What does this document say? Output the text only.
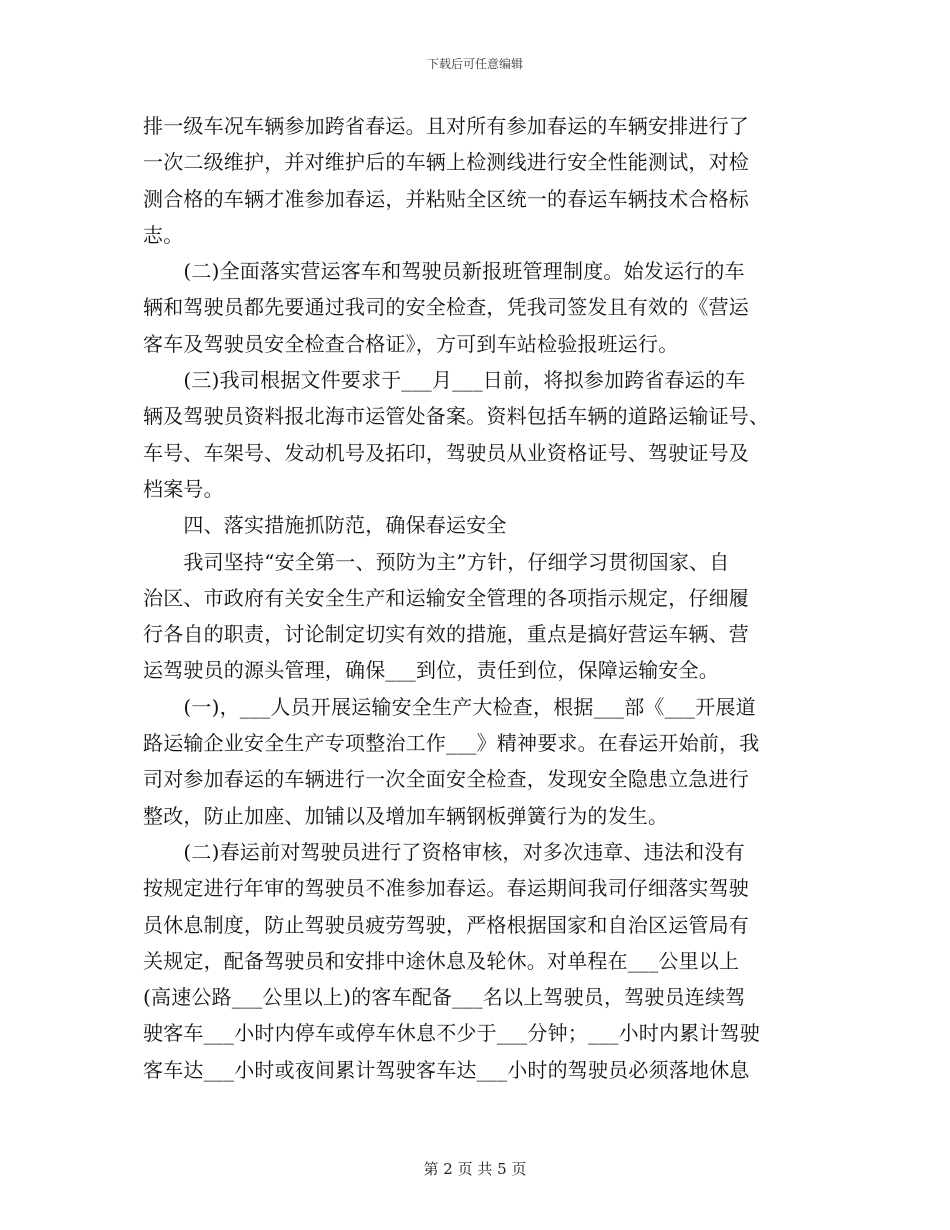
下载后可任意编辑
排一级车况车辆参加跨省春运。且对所有参加春运的车辆安排进行了
一次二级维护，并对维护后的车辆上检测线进行安全性能测试，对检
测合格的车辆才准参加春运，并粘贴全区统一的春运车辆技术合格标
志。
　　(二)全面落实营运客车和驾驶员新报班管理制度。始发运行的车
辆和驾驶员都先要通过我司的安全检查，凭我司签发且有效的《营运
客车及驾驶员安全检查合格证》，方可到车站检验报班运行。
　　(三)我司根据文件要求于___月___日前，将拟参加跨省春运的车
辆及驾驶员资料报北海市运管处备案。资料包括车辆的道路运输证号、
车号、车架号、发动机号及拓印，驾驶员从业资格证号、驾驶证号及
档案号。
　　四、落实措施抓防范，确保春运安全
　　我司坚持“安全第一、预防为主”方针，仔细学习贯彻国家、自
治区、市政府有关安全生产和运输安全管理的各项指示规定，仔细履
行各自的职责，讨论制定切实有效的措施，重点是搞好营运车辆、营
运驾驶员的源头管理，确保___到位，责任到位，保障运输安全。
　　(一)，___人员开展运输安全生产大检查，根据___部《___开展道
路运输企业安全生产专项整治工作___》精神要求。在春运开始前，我
司对参加春运的车辆进行一次全面安全检查，发现安全隐患立急进行
整改，防止加座、加铺以及增加车辆钢板弹簧行为的发生。
　　(二)春运前对驾驶员进行了资格审核，对多次违章、违法和没有
按规定进行年审的驾驶员不准参加春运。春运期间我司仔细落实驾驶
员休息制度，防止驾驶员疲劳驾驶，严格根据国家和自治区运管局有
关规定，配备驾驶员和安排中途休息及轮休。对单程在___公里以上
(高速公路___公里以上)的客车配备___名以上驾驶员，驾驶员连续驾
驶客车___小时内停车或停车休息不少于___分钟；___小时内累计驾驶
客车达___小时或夜间累计驾驶客车达___小时的驾驶员必须落地休息
第 2 页 共 5 页
